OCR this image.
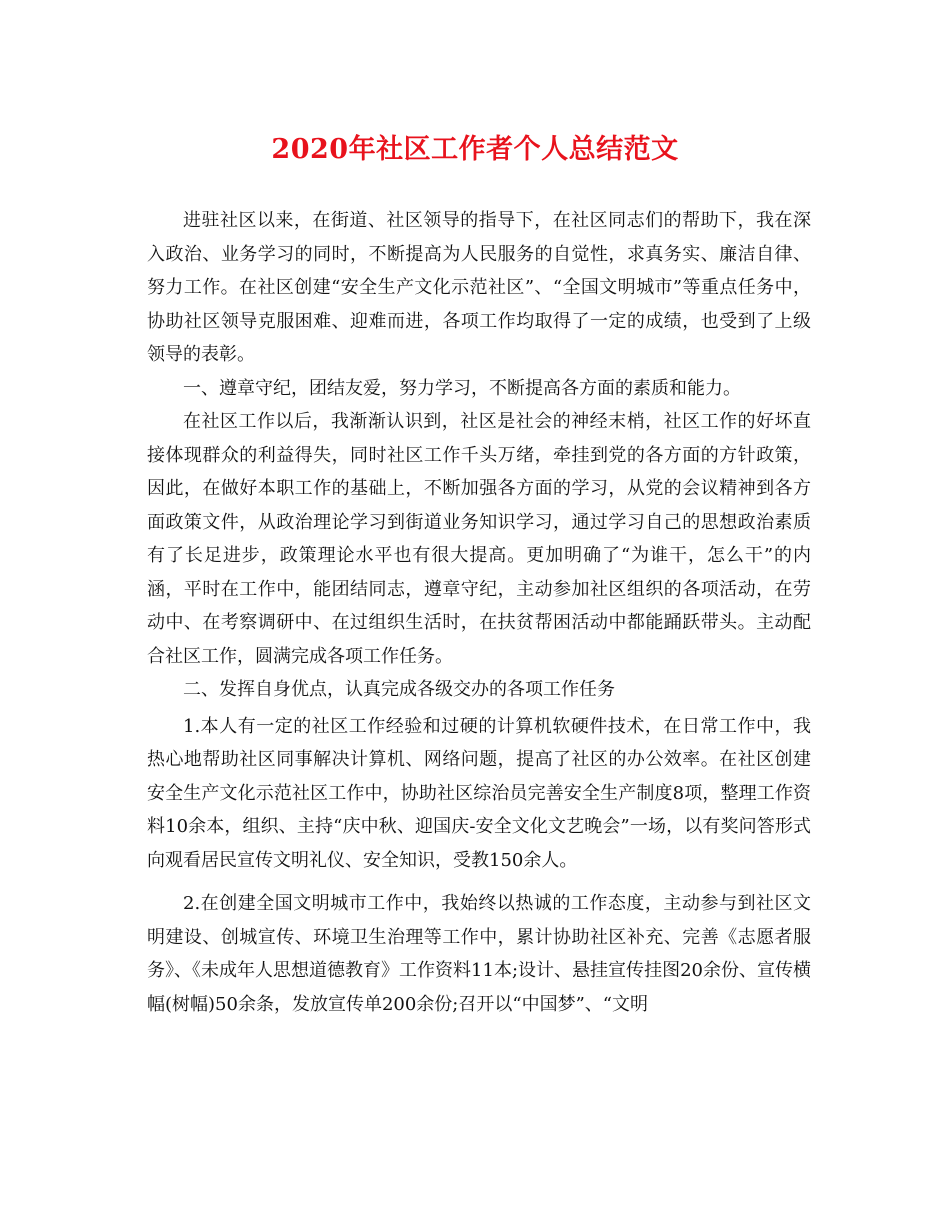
2020年社区工作者个人总结范文

进驻社区以来，在街道、社区领导的指导下，在社区同志们的帮助下，我在深入政治、业务学习的同时，不断提高为人民服务的自觉性，求真务实、廉洁自律、努力工作。在社区创建“安全生产文化示范社区”、“全国文明城市”等重点任务中，协助社区领导克服困难、迎难而进，各项工作均取得了一定的成绩，也受到了上级领导的表彰。

一、遵章守纪，团结友爱，努力学习，不断提高各方面的素质和能力。

在社区工作以后，我渐渐认识到，社区是社会的神经末梢，社区工作的好坏直接体现群众的利益得失，同时社区工作千头万绪，牵挂到党的各方面的方针政策，因此，在做好本职工作的基础上，不断加强各方面的学习，从党的会议精神到各方面政策文件，从政治理论学习到街道业务知识学习，通过学习自己的思想政治素质有了长足进步，政策理论水平也有很大提高。更加明确了“为谁干，怎么干”的内涵，平时在工作中，能团结同志，遵章守纪，主动参加社区组织的各项活动，在劳动中、在考察调研中、在过组织生活时，在扶贫帮困活动中都能踊跃带头。主动配合社区工作，圆满完成各项工作任务。

二、发挥自身优点，认真完成各级交办的各项工作任务

1.本人有一定的社区工作经验和过硬的计算机软硬件技术，在日常工作中，我热心地帮助社区同事解决计算机、网络问题，提高了社区的办公效率。在社区创建安全生产文化示范社区工作中，协助社区综治员完善安全生产制度8项，整理工作资料10余本，组织、主持“庆中秋、迎国庆-安全文化文艺晚会”一场，以有奖问答形式向观看居民宣传文明礼仪、安全知识，受教150余人。

2.在创建全国文明城市工作中，我始终以热诚的工作态度，主动参与到社区文明建设、创城宣传、环境卫生治理等工作中，累计协助社区补充、完善《志愿者服务》、《未成年人思想道德教育》工作资料11本;设计、悬挂宣传挂图20余份、宣传横幅(树幅)50余条，发放宣传单200余份;召开以“中国梦”、“文明
